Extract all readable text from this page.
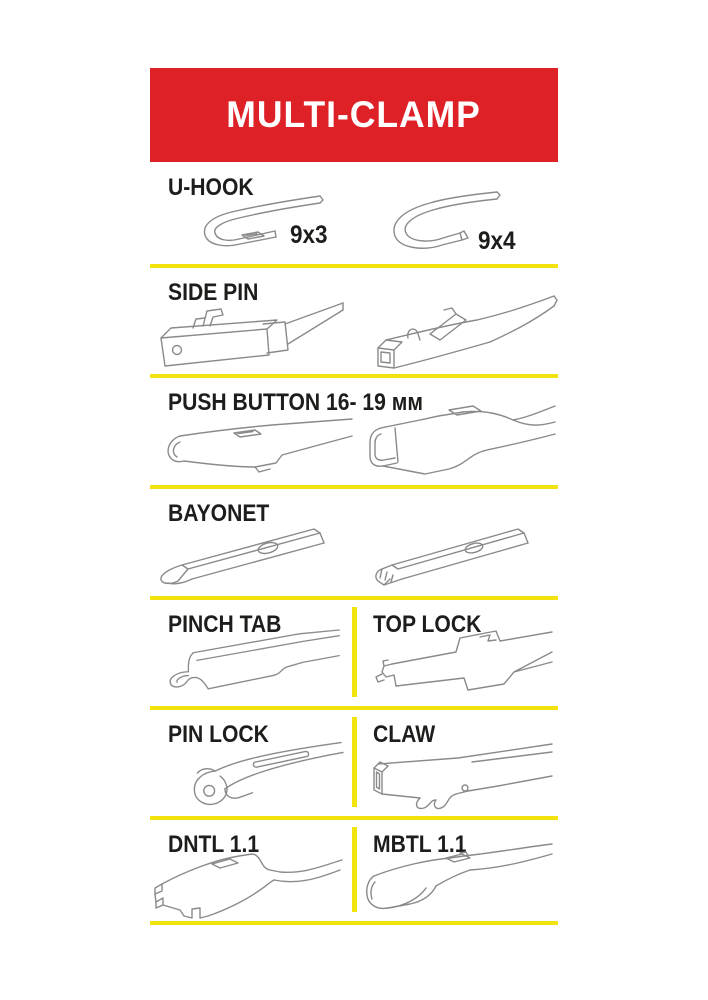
MULTI-CLAMP
U-HOOK
9x3	9x4
SIDE PIN
PUSH BUTTON 16- 19 мм
BAYONET
PINCH TAB	TOP LOCK
PIN LOCK	CLAW
DNTL 1.1	MBTL 1.1
